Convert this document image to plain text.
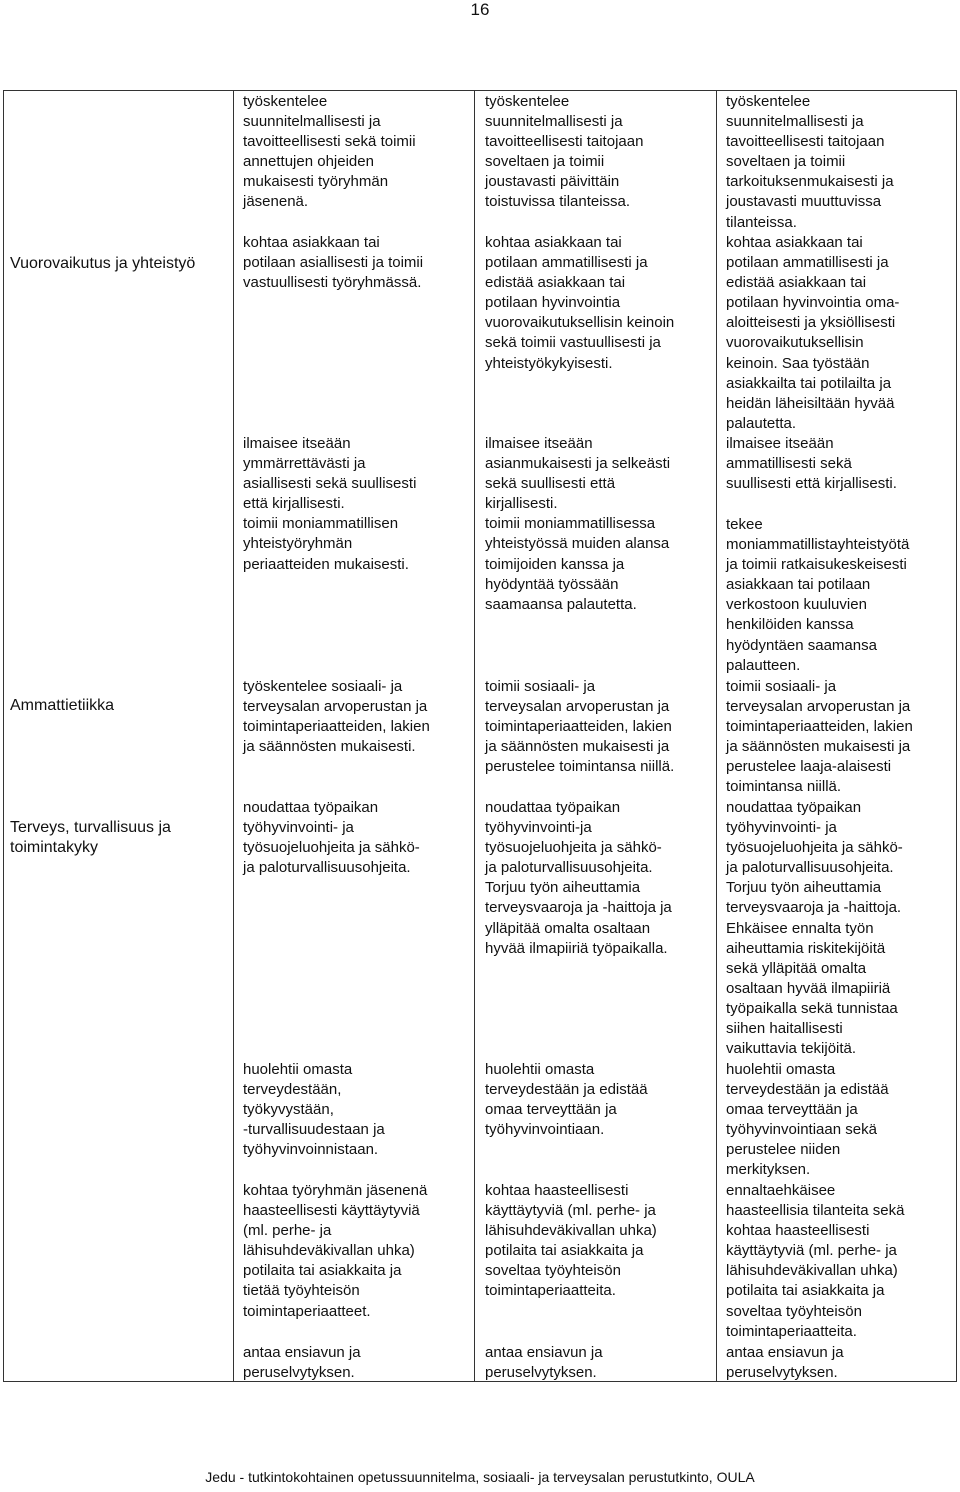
16

Vuorovaikutus ja yhteistyö

Ammattietiikka

Terveys, turvallisuus ja
toimintakyky

työskentelee
suunnitelmallisesti ja
tavoitteellisesti sekä toimii
annettujen ohjeiden
mukaisesti työryhmän
jäsenenä.

kohtaa asiakkaan tai
potilaan asiallisesti ja toimii
vastuullisesti työryhmässä.

ilmaisee itseään
ymmärrettävästi ja
asiallisesti sekä suullisesti
että kirjallisesti.
toimii moniammatillisen
yhteistyöryhmän
periaatteiden mukaisesti.

työskentelee sosiaali- ja
terveysalan arvoperustan ja
toimintaperiaatteiden, lakien
ja säännösten mukaisesti.

noudattaa työpaikan
työhyvinvointi- ja
työsuojeluohjeita ja sähkö-
ja paloturvallisuusohjeita.

huolehtii omasta
terveydestään,
työkyvystään,
-turvallisuudestaan ja
työhyvinvoinnistaan.

kohtaa työryhmän jäsenenä
haasteellisesti käyttäytyviä
(ml. perhe- ja
lähisuhdeväkivallan uhka)
potilaita tai asiakkaita ja
tietää työyhteisön
toimintaperiaatteet.

antaa ensiavun ja
peruselvytyksen.

työskentelee
suunnitelmallisesti ja
tavoitteellisesti taitojaan
soveltaen ja toimii
joustavasti päivittäin
toistuvissa tilanteissa.

kohtaa asiakkaan tai
potilaan ammatillisesti ja
edistää asiakkaan tai
potilaan hyvinvointia
vuorovaikutuksellisin keinoin
sekä toimii vastuullisesti ja
yhteistyökykyisesti.

ilmaisee itseään
asianmukaisesti ja selkeästi
sekä suullisesti että
kirjallisesti.
toimii moniammatillisessa
yhteistyössä muiden alansa
toimijoiden kanssa ja
hyödyntää työssään
saamaansa palautetta.

toimii sosiaali- ja
terveysalan arvoperustan ja
toimintaperiaatteiden, lakien
ja säännösten mukaisesti ja
perustelee toimintansa niillä.

noudattaa työpaikan
työhyvinvointi-ja
työsuojeluohjeita ja sähkö-
ja paloturvallisuusohjeita.
Torjuu työn aiheuttamia
terveysvaaroja ja -haittoja ja
ylläpitää omalta osaltaan
hyvää ilmapiiriä työpaikalla.

huolehtii omasta
terveydestään ja edistää
omaa terveyttään ja
työhyvinvointiaan.

kohtaa haasteellisesti
käyttäytyviä (ml. perhe- ja
lähisuhdeväkivallan uhka)
potilaita tai asiakkaita ja
soveltaa työyhteisön
toimintaperiaatteita.

antaa ensiavun ja
peruselvytyksen.

työskentelee
suunnitelmallisesti ja
tavoitteellisesti taitojaan
soveltaen ja toimii
tarkoituksenmukaisesti ja
joustavasti muuttuvissa
tilanteissa.

kohtaa asiakkaan tai
potilaan ammatillisesti ja
edistää asiakkaan tai
potilaan hyvinvointia oma-
aloitteisesti ja yksiöllisesti
vuorovaikutuksellisin
keinoin. Saa työstään
asiakkailta tai potilailta ja
heidän läheisiltään hyvää
palautetta.

ilmaisee itseään
ammatillisesti sekä
suullisesti että kirjallisesti.

tekee
moniammatillistayhteistyötä
ja toimii ratkaisukeskeisesti
asiakkaan tai potilaan
verkostoon kuuluvien
henkilöiden kanssa
hyödyntäen saamansa
palautteen.

toimii sosiaali- ja
terveysalan arvoperustan ja
toimintaperiaatteiden, lakien
ja säännösten mukaisesti ja
perustelee laaja-alaisesti
toimintansa niillä.

noudattaa työpaikan
työhyvinvointi- ja
työsuojeluohjeita ja sähkö-
ja paloturvallisuusohjeita.
Torjuu työn aiheuttamia
terveysvaaroja ja -haittoja.
Ehkäisee ennalta työn
aiheuttamia riskitekijöitä
sekä ylläpitää omalta
osaltaan hyvää ilmapiiriä
työpaikalla sekä tunnistaa
siihen haitallisesti
vaikuttavia tekijöitä.

huolehtii omasta
terveydestään ja edistää
omaa terveyttään ja
työhyvinvointiaan sekä
perustelee niiden
merkityksen.

ennaltaehkäisee
haasteellisia tilanteita sekä
kohtaa haasteellisesti
käyttäytyviä (ml. perhe- ja
lähisuhdeväkivallan uhka)
potilaita tai asiakkaita ja
soveltaa työyhteisön
toimintaperiaatteita.

antaa ensiavun ja
peruselvytyksen.

Jedu - tutkintokohtainen opetussuunnitelma, sosiaali- ja terveysalan perustutkinto, OULA
